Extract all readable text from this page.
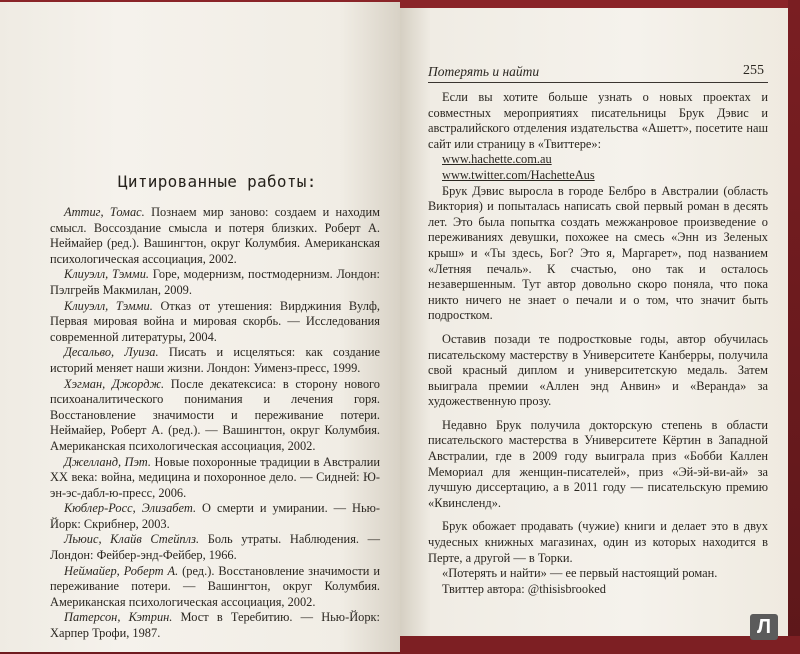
Цитированные работы:

Аттиг, Томас. Познаем мир заново: создаем и находим смысл. Воссоздание смысла и потеря близких. Роберт А. Неймайер (ред.). Вашингтон, округ Колумбия. Американская психологическая ассоциация, 2002.

Клиуэлл, Тэмми. Горе, модернизм, постмодернизм. Лондон: Пэлгрейв Макмилан, 2009.

Клиуэлл, Тэмми. Отказ от утешения: Вирджиния Вулф, Первая мировая война и мировая скорбь. — Исследования современной литературы, 2004.

Десальво, Луиза. Писать и исцеляться: как создание историй меняет наши жизни. Лондон: Уименз-пресс, 1999.

Хэгман, Джордж. После декатексиса: в сторону нового психоаналитического понимания и лечения горя. Восстановление значимости и переживание потери. Неймайер, Роберт А. (ред.). — Вашингтон, округ Колумбия. Американская психологическая ассоциация, 2002.

Джелланд, Пэт. Новые похоронные традиции в Австралии XX века: война, медицина и похоронное дело. — Сидней: Ю-эн-эс-дабл-ю-пресс, 2006.

Кюблер-Росс, Элизабет. О смерти и умирании. — Нью-Йорк: Скрибнер, 2003.

Льюис, Клайв Стейплз. Боль утраты. Наблюдения. — Лондон: Фейбер-энд-Фейбер, 1966.

Неймайер, Роберт А. (ред.). Восстановление значимости и переживание потери. — Вашингтон, округ Колумбия. Американская психологическая ассоциация, 2002.

Патерсон, Кэтрин. Мост в Теребитию. — Нью-Йорк: Харпер Трофи, 1987.

Потерять и найти	255

Если вы хотите больше узнать о новых проектах и совместных мероприятиях писательницы Брук Дэвис и австралийского отделения издательства «Ашетт», посетите наш сайт или страницу в «Твиттере»:

www.hachette.com.au
www.twitter.com/HachetteAus

Брук Дэвис выросла в городе Белбро в Австралии (область Виктория) и попыталась написать свой первый роман в десять лет. Это была попытка создать межжанровое произведение о переживаниях девушки, похожее на смесь «Энн из Зеленых крыш» и «Ты здесь, Бог? Это я, Маргарет», под названием «Летняя печаль». К счастью, оно так и осталось незавершенным. Тут автор довольно скоро поняла, что пока никто ничего не знает о печали и о том, что значит быть подростком.

Оставив позади те подростковые годы, автор обучилась писательскому мастерству в Университете Канберры, получила свой красный диплом и университетскую медаль. Затем выиграла премии «Аллен энд Анвин» и «Веранда» за художественную прозу.

Недавно Брук получила докторскую степень в области писательского мастерства в Университете Кёртин в Западной Австралии, где в 2009 году выиграла приз «Бобби Каллен Мемориал для женщин-писателей», приз «Эй-эй-ви-ай» за лучшую диссертацию, а в 2011 году — писательскую премию «Квинсленд».

Брук обожает продавать (чужие) книги и делает это в двух чудесных книжных магазинах, один из которых находится в Перте, а другой — в Торки.

«Потерять и найти» — ее первый настоящий роман.

Твиттер автора: @thisisbrooked

Л
